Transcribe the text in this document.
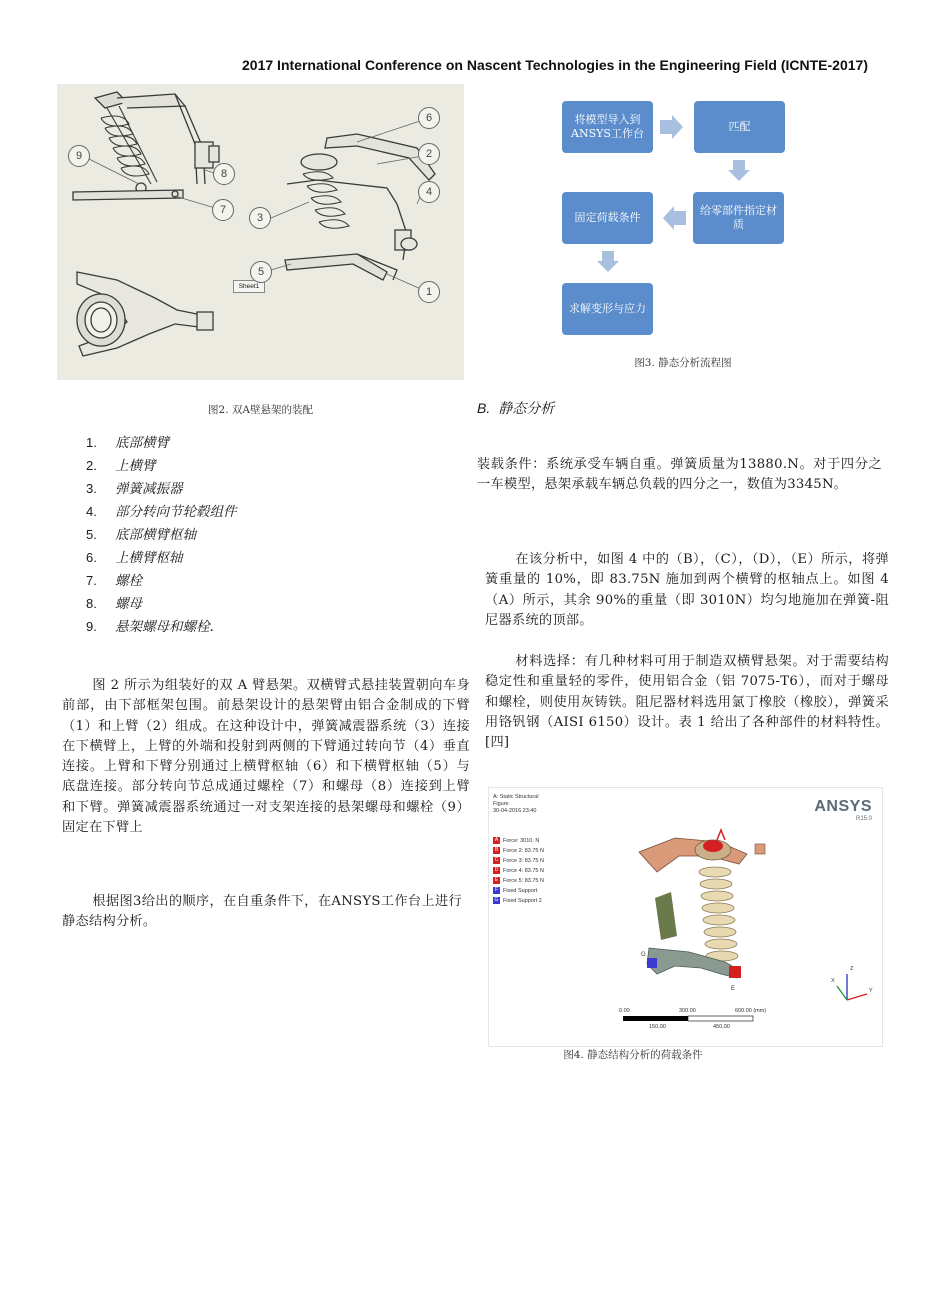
2017 International Conference on Nascent Technologies in the Engineering Field (ICNTE-2017)
Sheet1
9
8
7
6
2
4
3
5
1
图2. 双A壁悬架的装配
1. 底部横臂
2. 上横臂
3. 弹簧减振器
4. 部分转向节轮毂组件
5. 底部横臂枢轴
6. 上横臂枢轴
7. 螺栓
8. 螺母
9. 悬架螺母和螺栓.

图 2 所示为组装好的双 A 臂悬架。双横臂式悬挂装置朝向车身前部，由下部框架包围。前悬架设计的悬架臂由铝合金制成的下臂（1）和上臂（2）组成。在这种设计中，弹簧减震器系统（3）连接在下横臂上，上臂的外端和投射到两侧的下臂通过转向节（4）垂直连接。上臂和下臂分别通过上横臂枢轴（6）和下横臂枢轴（5）与底盘连接。部分转向节总成通过螺栓（7）和螺母（8）连接到上臂和下臂。弹簧减震器系统通过一对支架连接的悬架螺母和螺栓（9）固定在下臂上

根据图3给出的顺序，在自重条件下，在ANSYS工作台上进行静态结构分析。

将模型导入到ANSYS工作台
匹配
给零部件指定材质
固定荷载条件
求解变形与应力
图3. 静态分析流程图
B. 静态分析

装载条件：系统承受车辆自重。弹簧质量为13880.N。对于四分之一车模型，悬架承载车辆总负载的四分之一，数值为3345N。

在该分析中，如图 4 中的（B），（C），（D），（E）所示，将弹簧重量的 10%，即 83.75N 施加到两个横臂的枢轴点上。如图 4（A）所示，其余 90%的重量（即 3010N）均匀地施加在弹簧-阻尼器系统的顶部。

材料选择：有几种材料可用于制造双横臂悬架。对于需要结构稳定性和重量轻的零件，使用铝合金（铝 7075-T6），而对于螺母和螺栓，则使用灰铸铁。阻尼器材料选用氯丁橡胶（橡胶），弹簧采用铬钒钢（AISI 6150）设计。表 1 给出了各种部件的材料特性。[四]

A: Static Structural
Figure
30-04-2016 23:40
A Force: 3010. N
B Force 2: 83.75 N
C Force 3: 83.75 N
D Force 4: 83.75 N
E Force 5: 83.75 N
F Fixed Support
G Fixed Support 2
ANSYS
R15.0
E
G
0.00	300.00	600.00 (mm)
150.00	450.00
Z
Y
X
图4. 静态结构分析的荷载条件
